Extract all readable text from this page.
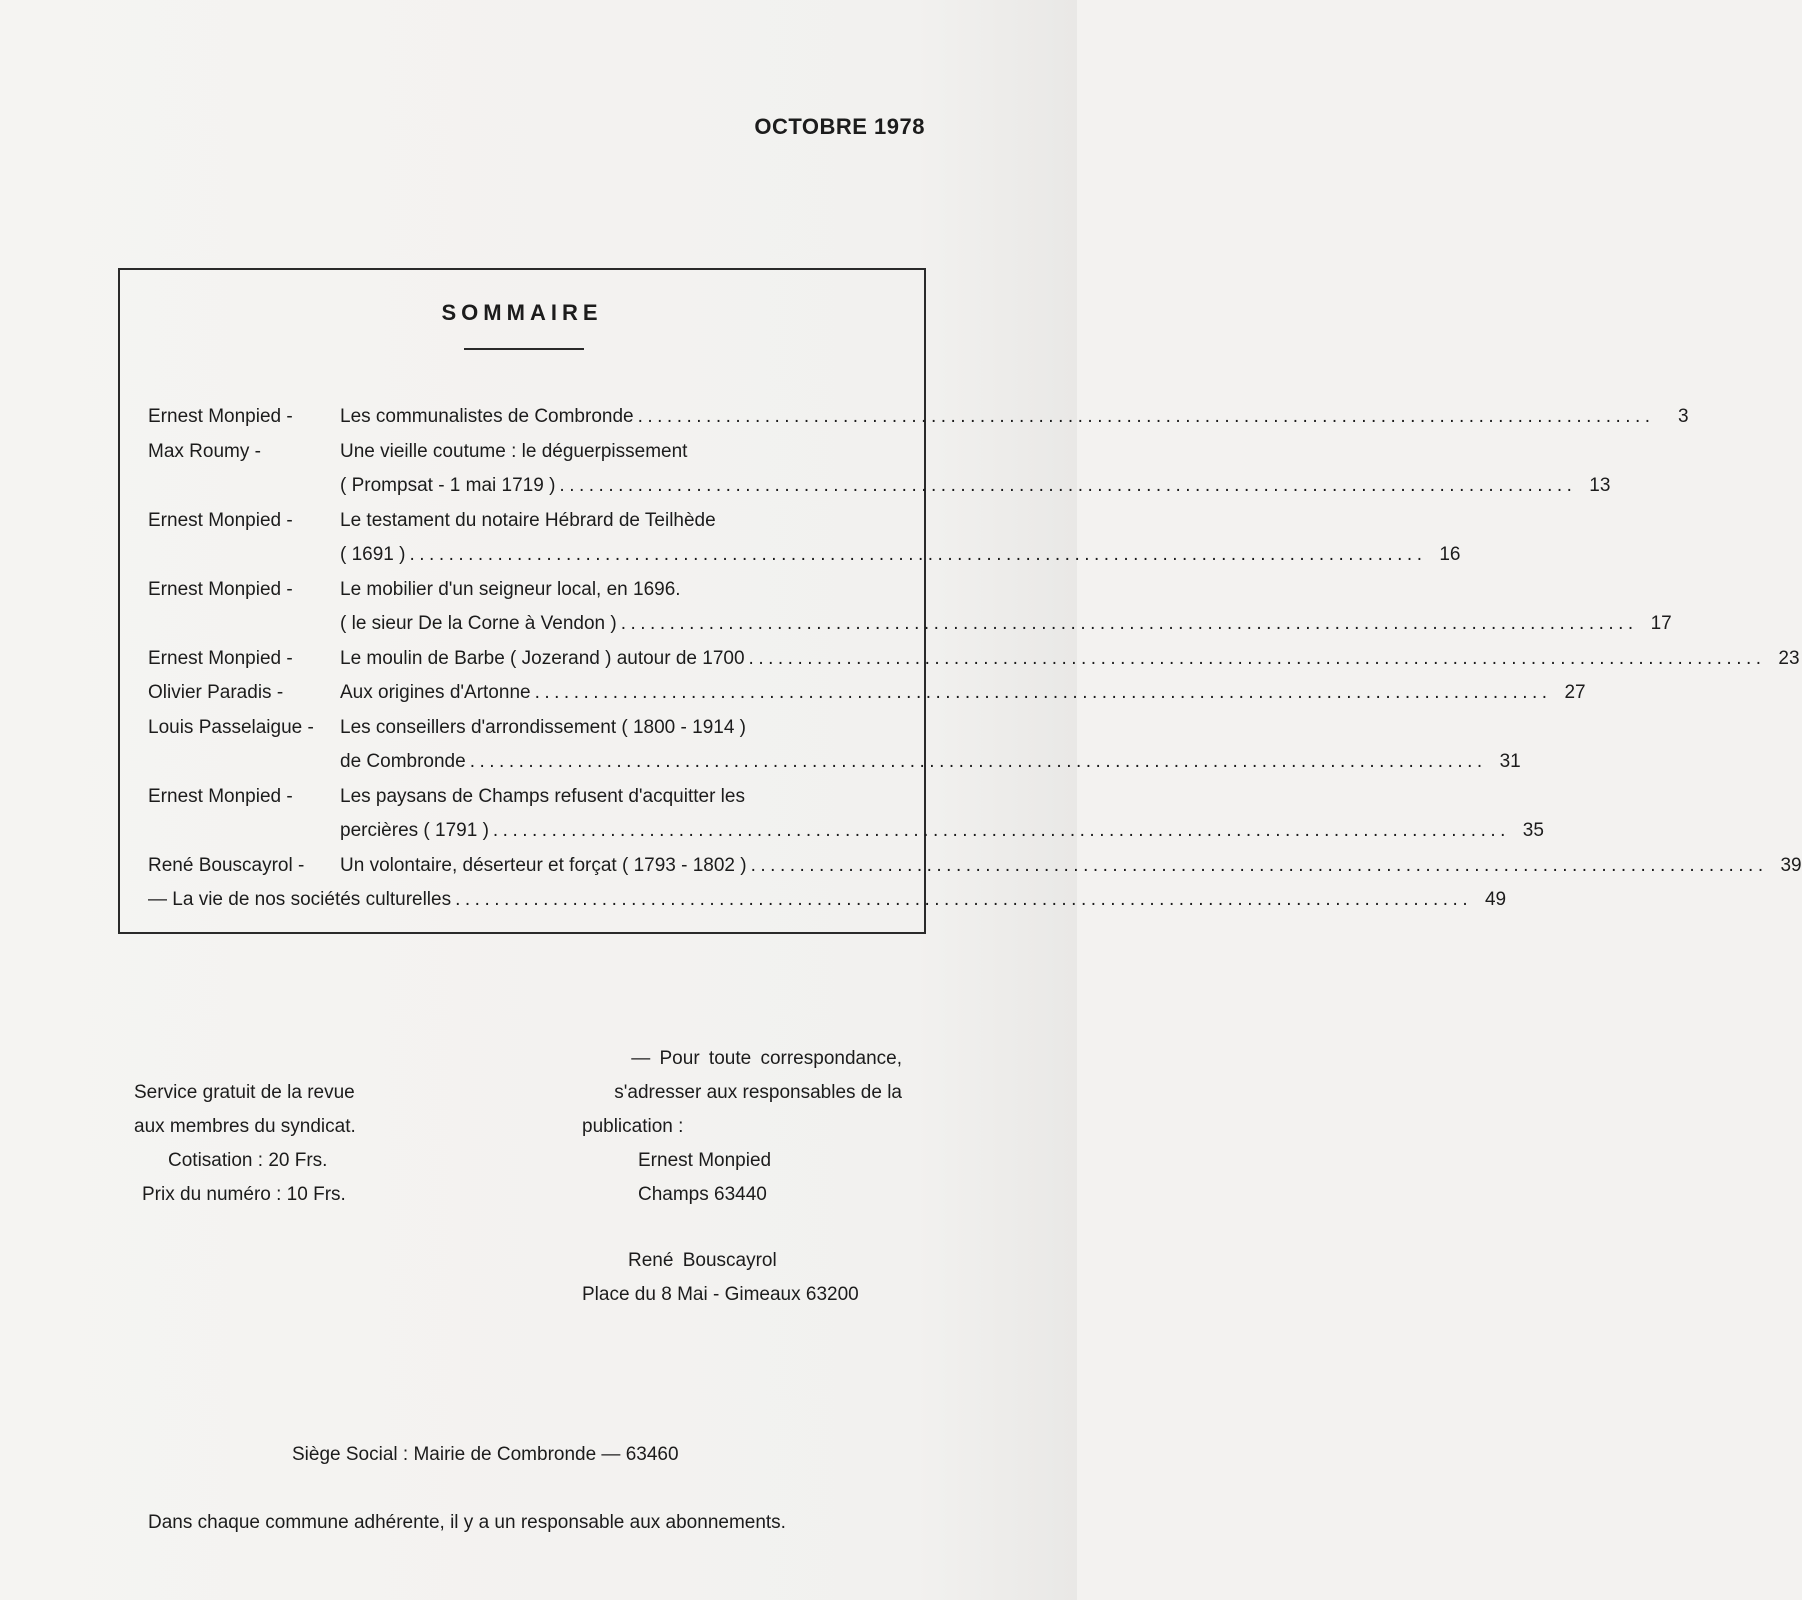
OCTOBRE 1978
SOMMAIRE
Ernest Monpied - Les communalistes de Combronde ........................................................................................................	3
Max Roumy -	Une vieille coutume : le déguerpissement
( Prompsat - 1 mai 1719 ) ........................................................................................................ 13
Ernest Monpied - Le testament du notaire Hébrard de Teilhède
( 1691 ) ........................................................................................................ 16
Ernest Monpied - Le mobilier d'un seigneur local, en 1696.
( le sieur De la Corne à Vendon ) ........................................................................................................ 17
Ernest Monpied - Le moulin de Barbe ( Jozerand ) autour de 1700 ........................................................................................................ 23
Olivier Paradis -	Aux origines d'Artonne ........................................................................................................ 27
Louis Passelaigue - Les conseillers d'arrondissement ( 1800 - 1914 )
de Combronde ........................................................................................................ 31
Ernest Monpied - Les paysans de Champs refusent d'acquitter les
percières ( 1791 ) ........................................................................................................ 35
René Bouscayrol - Un volontaire, déserteur et forçat ( 1793 - 1802 ) ........................................................................................................ 39
— La vie de nos sociétés culturelles ........................................................................................................ 49
Service gratuit de la revue
aux membres du syndicat.
Cotisation : 20 Frs.
Prix du numéro : 10 Frs.
— Pour toute correspondance,
s'adresser aux responsables de la
publication :
Ernest Monpied
Champs 63440
René Bouscayrol
Place du 8 Mai - Gimeaux 63200
Siège Social : Mairie de Combronde — 63460
Dans chaque commune adhérente, il y a un responsable aux abonnements.
